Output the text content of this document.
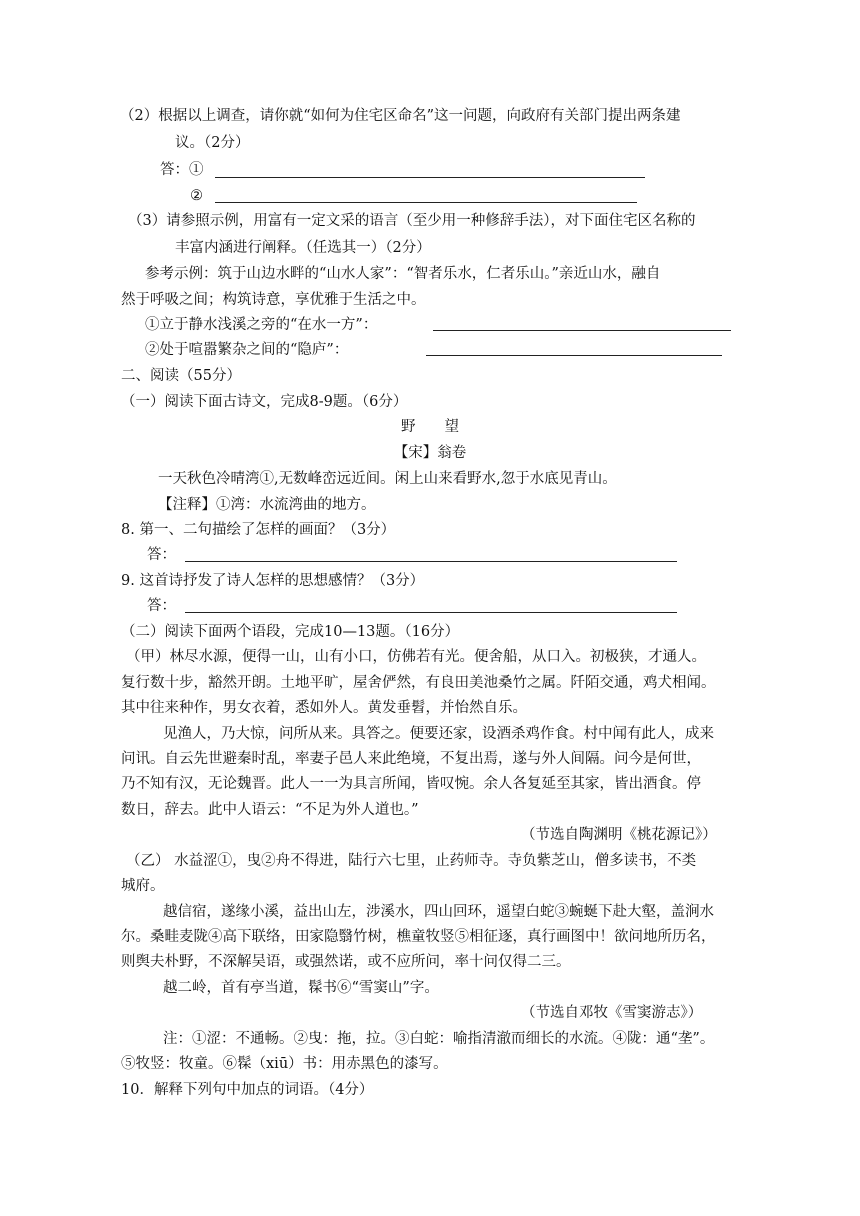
（2）根据以上调查，请你就“如何为住宅区命名”这一问题，向政府有关部门提出两条建
议。（2分）
答：①
②
（3）请参照示例，用富有一定文采的语言（至少用一种修辞手法），对下面住宅区名称的
丰富内涵进行阐释。（任选其一）（2分）
参考示例：筑于山边水畔的“山水人家”：“智者乐水，仁者乐山。”亲近山水，融自
然于呼吸之间；构筑诗意，享优雅于生活之中。
①立于静水浅溪之旁的“在水一方”：
②处于喧嚣繁杂之间的“隐庐”：
二、阅读（55分）
（一）阅读下面古诗文，完成8-9题。（6分）
野　　望
【宋】翁卷
一天秋色冷晴湾①,无数峰峦远近间。闲上山来看野水,忽于水底见青山。
【注释】①湾：水流湾曲的地方。
8. 第一、二句描绘了怎样的画面？（3分）
答：
9. 这首诗抒发了诗人怎样的思想感情？（3分）
答：
（二）阅读下面两个语段，完成10—13题。（16分）
（甲）林尽水源，便得一山，山有小口，仿佛若有光。便舍船，从口入。初极狭，才通人。
复行数十步，豁然开朗。土地平旷，屋舍俨然，有良田美池桑竹之属。阡陌交通，鸡犬相闻。
其中往来种作，男女衣着，悉如外人。黄发垂髫，并怡然自乐。
见渔人，乃大惊，问所从来。具答之。便要还家，设酒杀鸡作食。村中闻有此人，成来
问讯。自云先世避秦时乱，率妻子邑人来此绝境，不复出焉，遂与外人间隔。问今是何世，
乃不知有汉，无论魏晋。此人一一为具言所闻，皆叹惋。余人各复延至其家，皆出酒食。停
数日，辞去。此中人语云：“不足为外人道也。”
（节选自陶渊明《桃花源记》）
（乙） 水益涩①，曳②舟不得进，陆行六七里，止药师寺。寺负紫芝山，僧多读书，不类
城府。
越信宿，遂缘小溪，益出山左，涉溪水，四山回环，遥望白蛇③蜿蜒下赴大壑，盖涧水
尔。桑畦麦陇④高下联络，田家隐翳竹树，樵童牧竖⑤相征逐，真行画图中！欲问地所历名，
则舆夫朴野，不深解吴语，或强然诺，或不应所问，率十问仅得二三。
越二岭，首有亭当道，髹书⑥“雪窦山”字。
（节选自邓牧《雪窦游志》）
注：①涩：不通畅。②曳：拖，拉。③白蛇：喻指清澈而细长的水流。④陇：通“垄”。
⑤牧竖：牧童。⑥髹（xiū）书：用赤黑色的漆写。
10．解释下列句中加点的词语。（4分）
